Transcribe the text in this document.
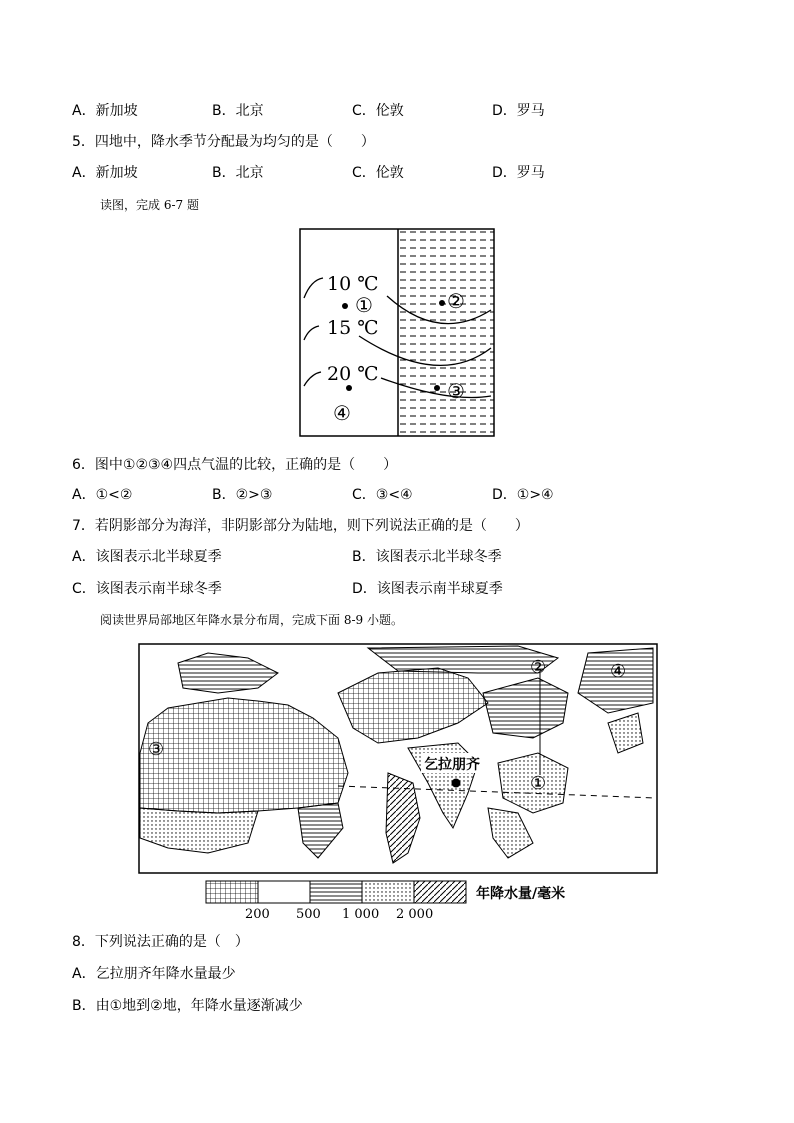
A．新加坡	B．北京	C．伦敦	D．罗马
5．四地中，降水季节分配最为均匀的是（　　）
A．新加坡	B．北京	C．伦敦	D．罗马
读图，完成 6-7 题
10 ℃
15 ℃
20 ℃
①	②
③
④
6．图中①②③④四点气温的比较，正确的是（　　）
A．①<②	B．②>③	C．③<④	D．①>④
7．若阴影部分为海洋，非阴影部分为陆地，则下列说法正确的是（　　）
A．该图表示北半球夏季	B．该图表示北半球冬季
C．该图表示南半球冬季	D．该图表示南半球夏季
阅读世界局部地区年降水景分布周，完成下面 8-9 小题。
②
①
③
④
乞拉朋齐
200 500 1 000 2 000
年降水量/毫米
8．下列说法正确的是（　）
A．乞拉朋齐年降水量最少
B．由①地到②地，年降水量逐渐减少
